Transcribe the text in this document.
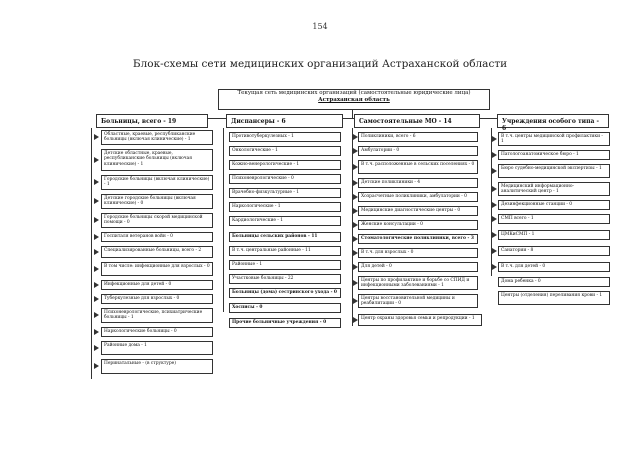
154
Блок-схемы сети медицинских организаций Астраханской области
Текущая сеть медицинских организаций (самостоятельные юридические лица)
Астраханская область
Больницы, всего - 19
Областные, краевые, республиканские больницы (включая клинические) - 1
Детские областные, краевые, республиканские больницы (включая клинические) - 1
Городские больницы (включая клинические) - 1
Детские городские больницы (включая клинические) - 0
Городские больницы скорой медицинской помощи - 0
Госпиталя ветеранов войн - 0
Специализированные больницы, всего - 2
В том числе: инфекционные для взрослых - 0
Инфекционные для детей - 0
Туберкулезные для взрослых - 0
Психоневрологические, психиатрические больницы - 1
Наркологические больницы - 0
Районные дома - 1
Перинатальные - (в структуре)
Диспансеры - 6
Противотуберкулезных - 1
Онкологические - 1
Кожно-венерологические - 1
Психоневрологические - 0
Врачебно-физкультурные - 1
Наркологические - 1
Кардиологические - 1
Больницы сельских районов - 11
В т.ч. центральные районные - 11
Районные - 1
Участковые больницы - 22
Больницы (дома) сестринского ухода - 0
Хосписы - 0
Прочие больничные учреждения - 0
Самостоятельные МО - 14
Поликлиники, всего - 6
Амбулатории - 0
В т.ч. расположенные в сельских поселениях - 0
Детские поликлиники - 4
Хозрасчетные поликлиники, амбулатории - 0
Медицинские диагностические центры - 0
Женские консультации - 0
Стоматологические поликлиники, всего - 3
В т.ч. для взрослых - 0
Для детей - 0
Центры по профилактике и борьбе со СПИД и инфекционными заболеваниями - 1
Центры восстановительной медицины и реабилитации - 0
Центр охраны здоровья семьи и репродукции - 1
Учреждения особого типа - 6
В т.ч. центры медицинской профилактики - 1
Патологоанатомическое бюро - 1
Бюро судебно-медицинской экспертизы - 1
Медицинский информационно-аналитический центр - 1
Дезинфекционные станции - 0
СМП всего - 1
ЦМКиСМП - 1
Санатории - 8
В т.ч. для детей - 0
Дома ребенка - 0
Центры (отделения) переливания крови - 1
